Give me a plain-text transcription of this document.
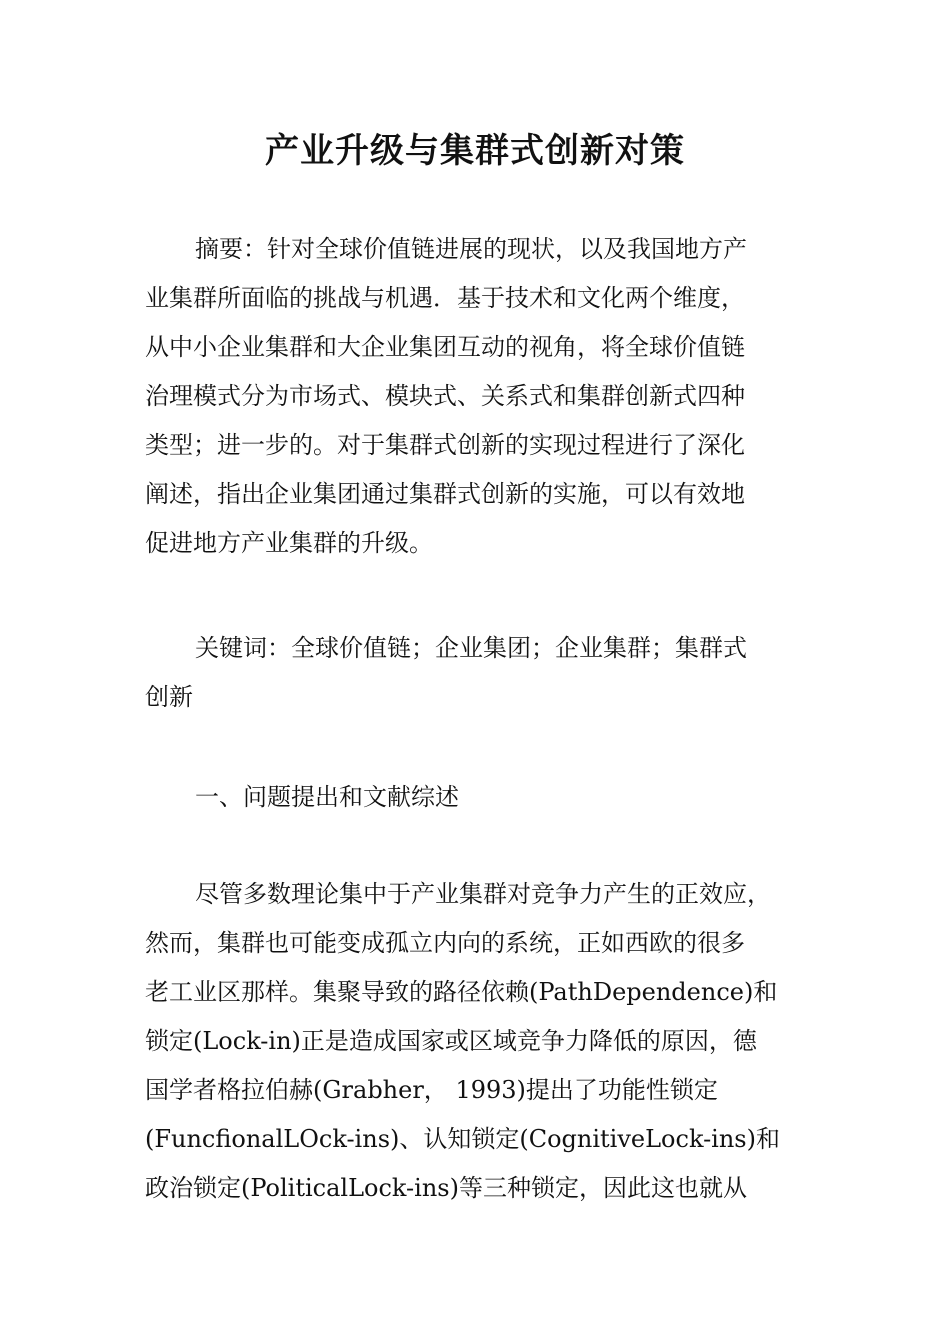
产业升级与集群式创新对策
摘要：针对全球价值链进展的现状，以及我国地方产
业集群所面临的挑战与机遇．基于技术和文化两个维度，
从中小企业集群和大企业集团互动的视角，将全球价值链
治理模式分为市场式、模块式、关系式和集群创新式四种
类型；进一步的。对于集群式创新的实现过程进行了深化
阐述，指出企业集团通过集群式创新的实施，可以有效地
促进地方产业集群的升级。
关键词：全球价值链；企业集团；企业集群；集群式
创新
一、问题提出和文献综述
尽管多数理论集中于产业集群对竞争力产生的正效应，
然而，集群也可能变成孤立内向的系统，正如西欧的很多
老工业区那样。集聚导致的路径依赖(PathDependence)和
锁定(Lock-in)正是造成国家或区域竞争力降低的原因，德
国学者格拉伯赫(Grabher， 1993)提出了功能性锁定
(FuncfionalLOck-ins)、认知锁定(CognitiveLock-ins)和
政治锁定(PoliticalLock-ins)等三种锁定，因此这也就从
